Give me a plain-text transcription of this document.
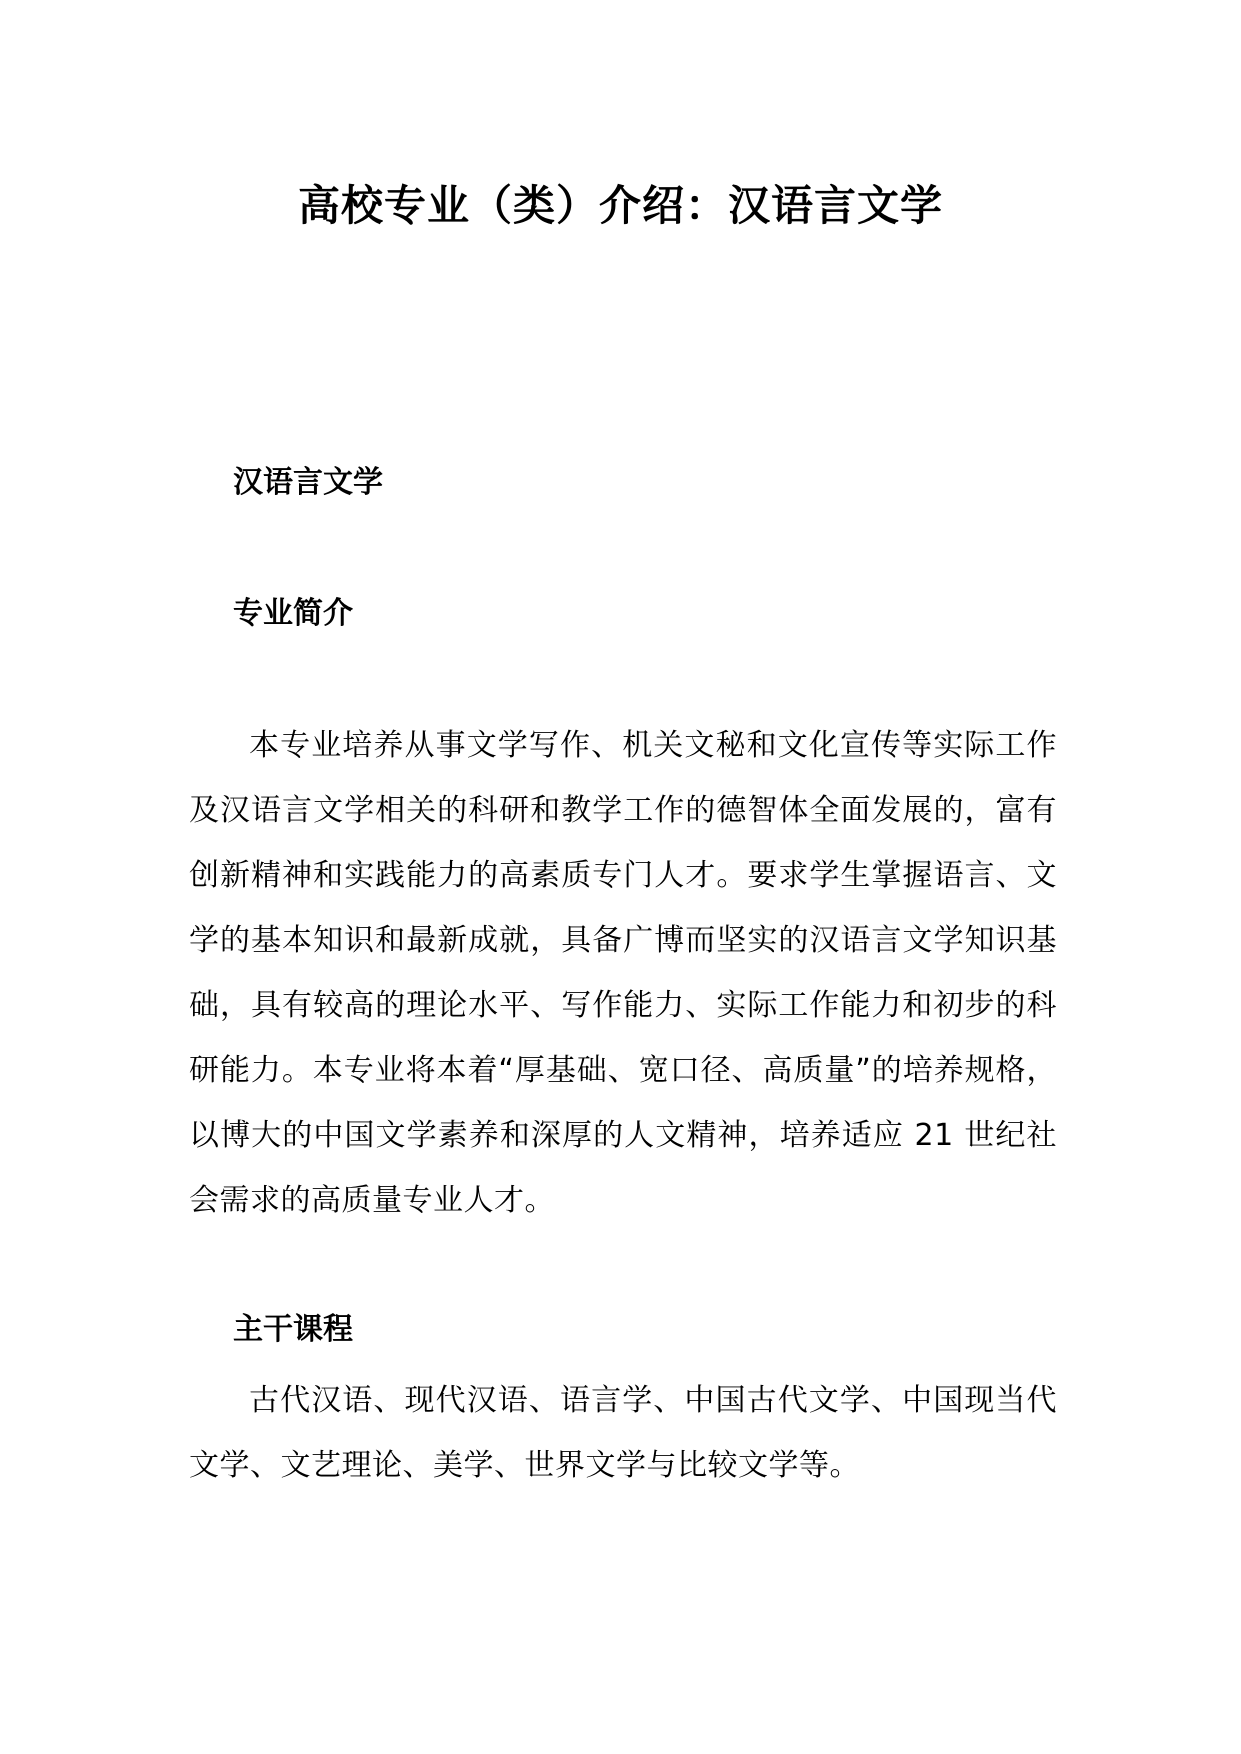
高校专业（类）介绍：汉语言文学
汉语言文学
专业简介

本专业培养从事文学写作、机关文秘和文化宣传等实际工作及汉语言文学相关的科研和教学工作的德智体全面发展的，富有创新精神和实践能力的高素质专门人才。要求学生掌握语言、文学的基本知识和最新成就，具备广博而坚实的汉语言文学知识基础，具有较高的理论水平、写作能力、实际工作能力和初步的科研能力。本专业将本着“厚基础、宽口径、高质量”的培养规格，以博大的中国文学素养和深厚的人文精神，培养适应 21 世纪社会需求的高质量专业人才。

主干课程

古代汉语、现代汉语、语言学、中国古代文学、中国现当代文学、文艺理论、美学、世界文学与比较文学等。
